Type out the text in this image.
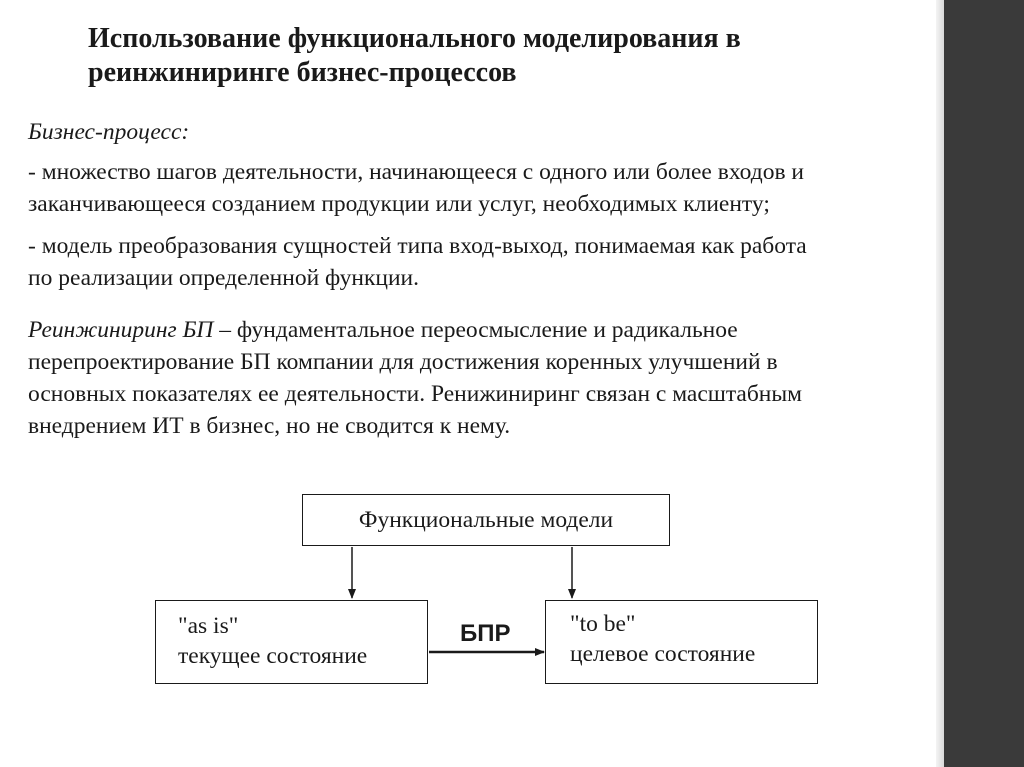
Использование функционального моделирования в
реинжиниринге бизнес-процессов

Бизнес-процесс:

- множество шагов деятельности, начинающееся с одного или более входов и
заканчивающееся созданием продукции или услуг, необходимых клиенту;

- модель преобразования сущностей типа вход-выход, понимаемая как работа
по реализации определенной функции.

Реинжиниринг БП – фундаментальное переосмысление и радикальное
перепроектирование БП компании для достижения коренных улучшений в
основных показателях ее деятельности. Ренижиниринг связан с масштабным
внедрением ИТ в бизнес, но не сводится к нему.

Функциональные модели
"as is"
текущее состояние
"to be"
целевое состояние
БПР
